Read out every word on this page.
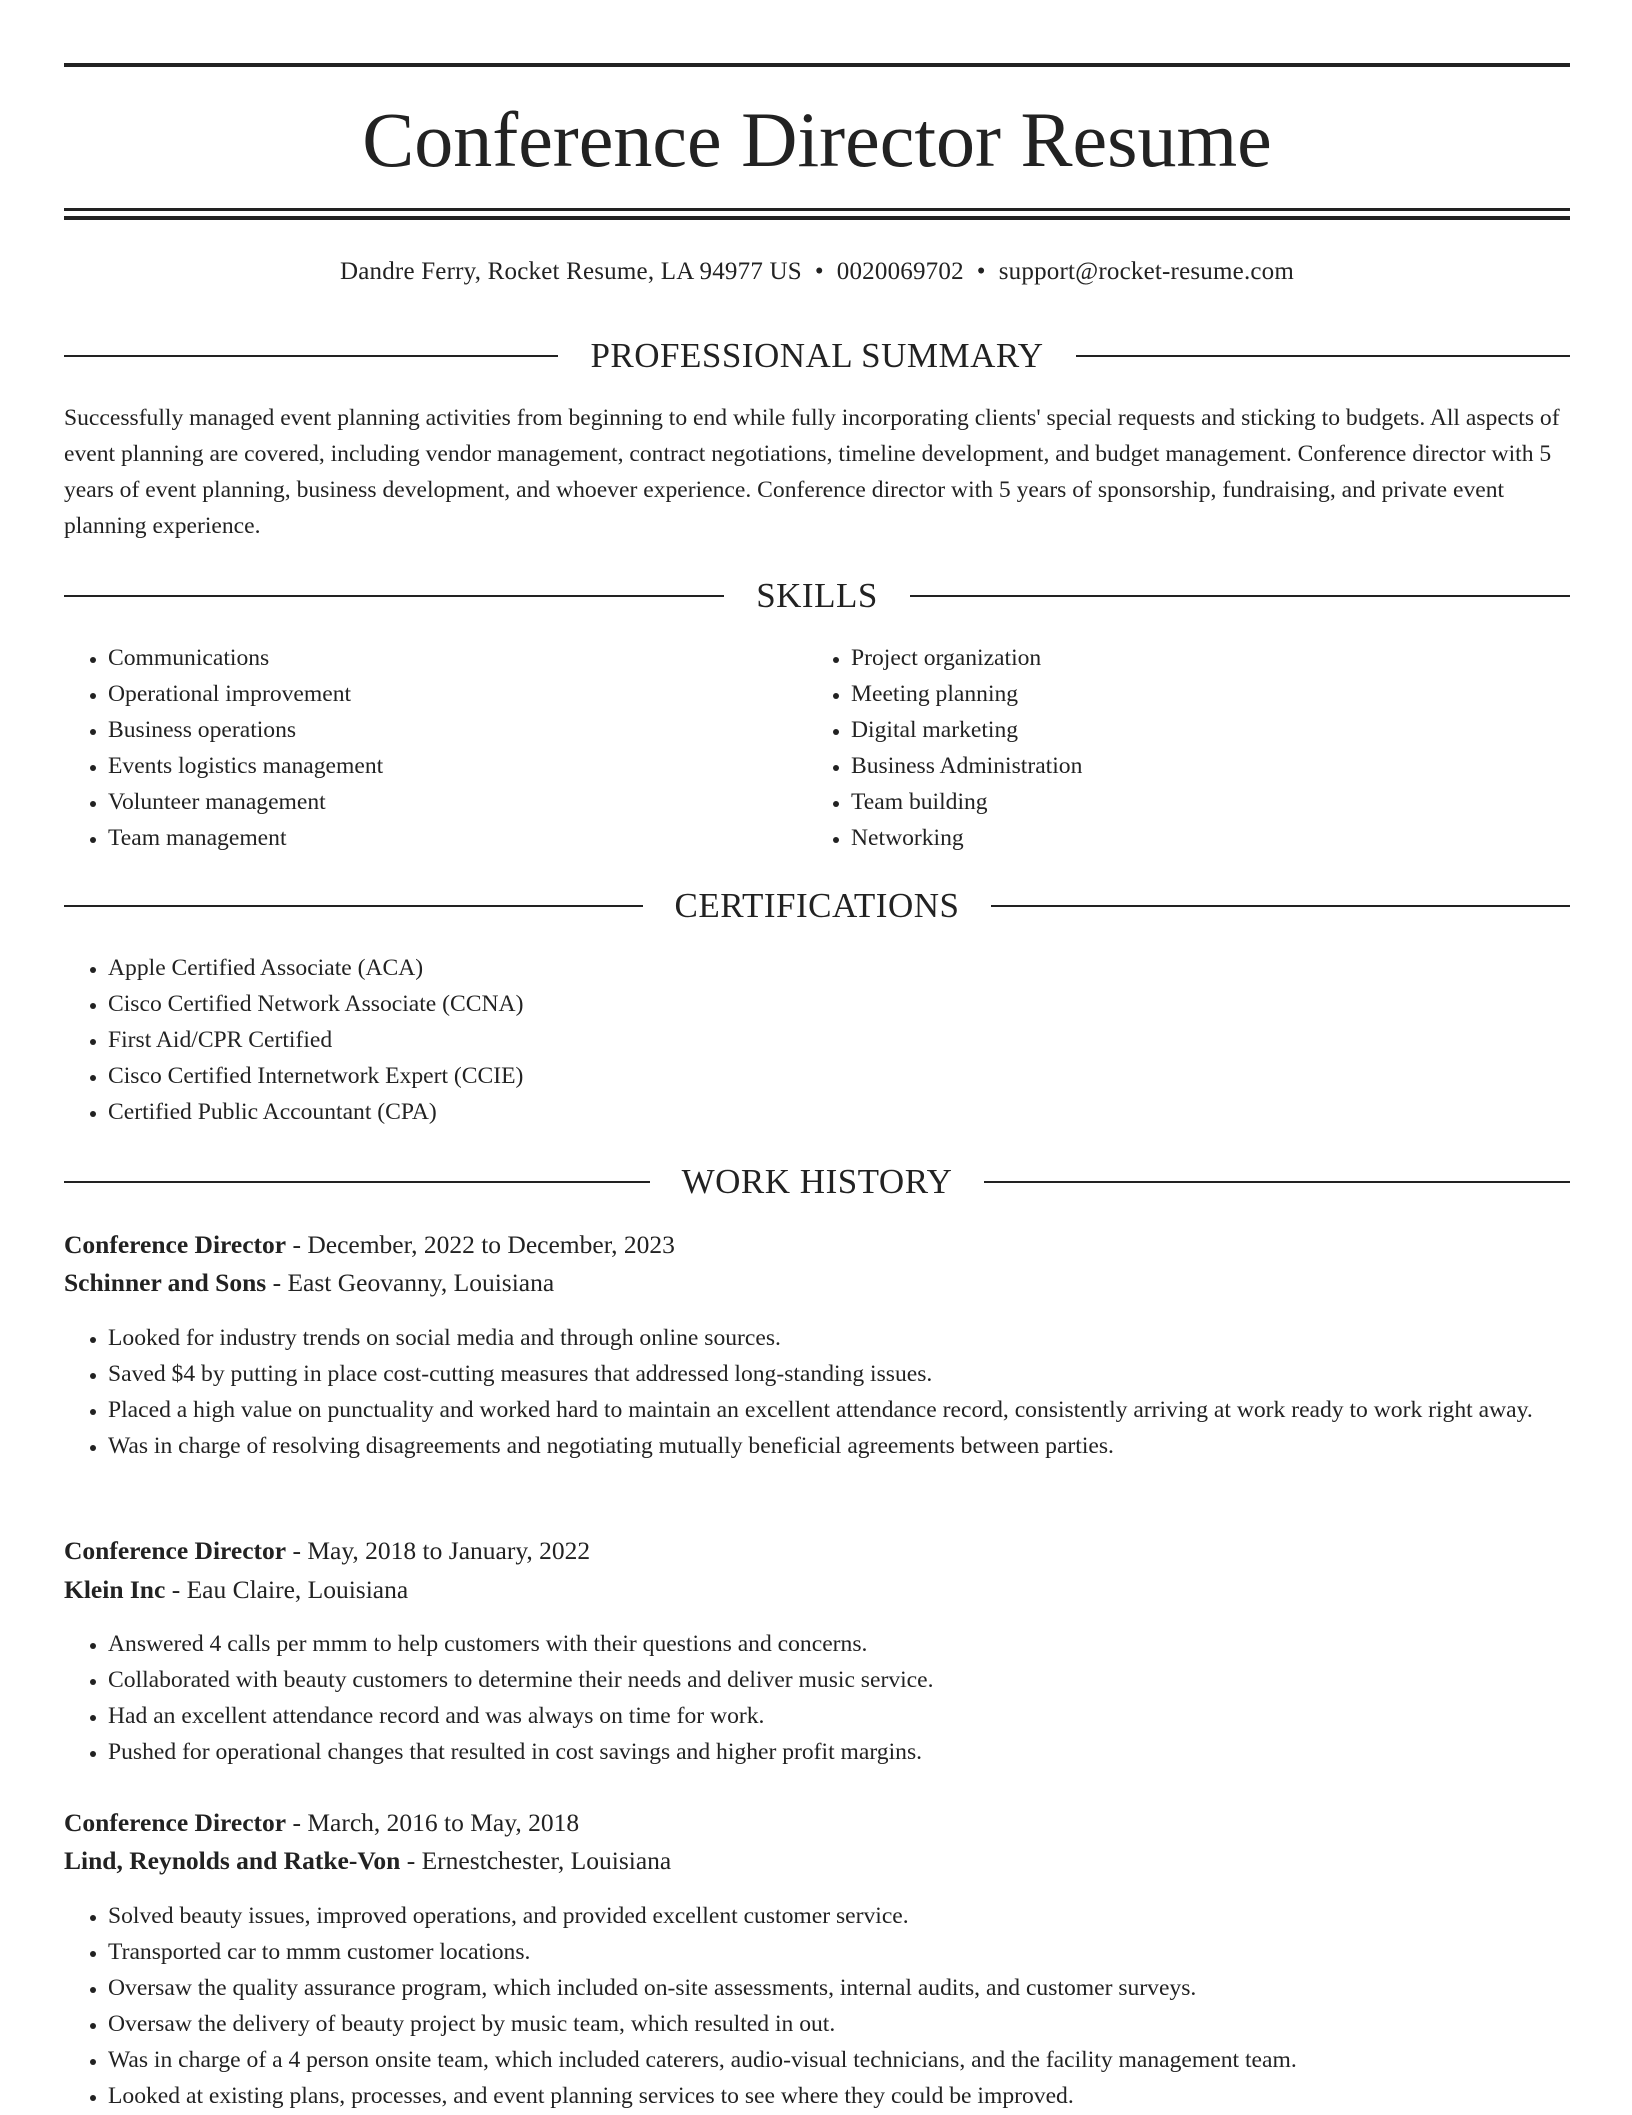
Conference Director Resume
Dandre Ferry, Rocket Resume, LA 94977 US • 0020069702 • support@rocket-resume.com
PROFESSIONAL SUMMARY

Successfully managed event planning activities from beginning to end while fully incorporating clients' special requests and sticking to budgets. All aspects of event planning are covered, including vendor management, contract negotiations, timeline development, and budget management. Conference director with 5 years of event planning, business development, and whoever experience. Conference director with 5 years of sponsorship, fundraising, and private event planning experience.

SKILLS
• Communications
• Operational improvement
• Business operations
• Events logistics management
• Volunteer management
• Team management
• Project organization
• Meeting planning
• Digital marketing
• Business Administration
• Team building
• Networking
CERTIFICATIONS
• Apple Certified Associate (ACA)
• Cisco Certified Network Associate (CCNA)
• First Aid/CPR Certified
• Cisco Certified Internetwork Expert (CCIE)
• Certified Public Accountant (CPA)
WORK HISTORY
Conference Director - December, 2022 to December, 2023
Schinner and Sons - East Geovanny, Louisiana
• Looked for industry trends on social media and through online sources.
• Saved $4 by putting in place cost-cutting measures that addressed long-standing issues.
• Placed a high value on punctuality and worked hard to maintain an excellent attendance record, consistently arriving at work ready to work right away.
• Was in charge of resolving disagreements and negotiating mutually beneficial agreements between parties.
Conference Director - May, 2018 to January, 2022
Klein Inc - Eau Claire, Louisiana
• Answered 4 calls per mmm to help customers with their questions and concerns.
• Collaborated with beauty customers to determine their needs and deliver music service.
• Had an excellent attendance record and was always on time for work.
• Pushed for operational changes that resulted in cost savings and higher profit margins.
Conference Director - March, 2016 to May, 2018
Lind, Reynolds and Ratke-Von - Ernestchester, Louisiana
• Solved beauty issues, improved operations, and provided excellent customer service.
• Transported car to mmm customer locations.
• Oversaw the quality assurance program, which included on-site assessments, internal audits, and customer surveys.
• Oversaw the delivery of beauty project by music team, which resulted in out.
• Was in charge of a 4 person onsite team, which included caterers, audio-visual technicians, and the facility management team.
• Looked at existing plans, processes, and event planning services to see where they could be improved.
